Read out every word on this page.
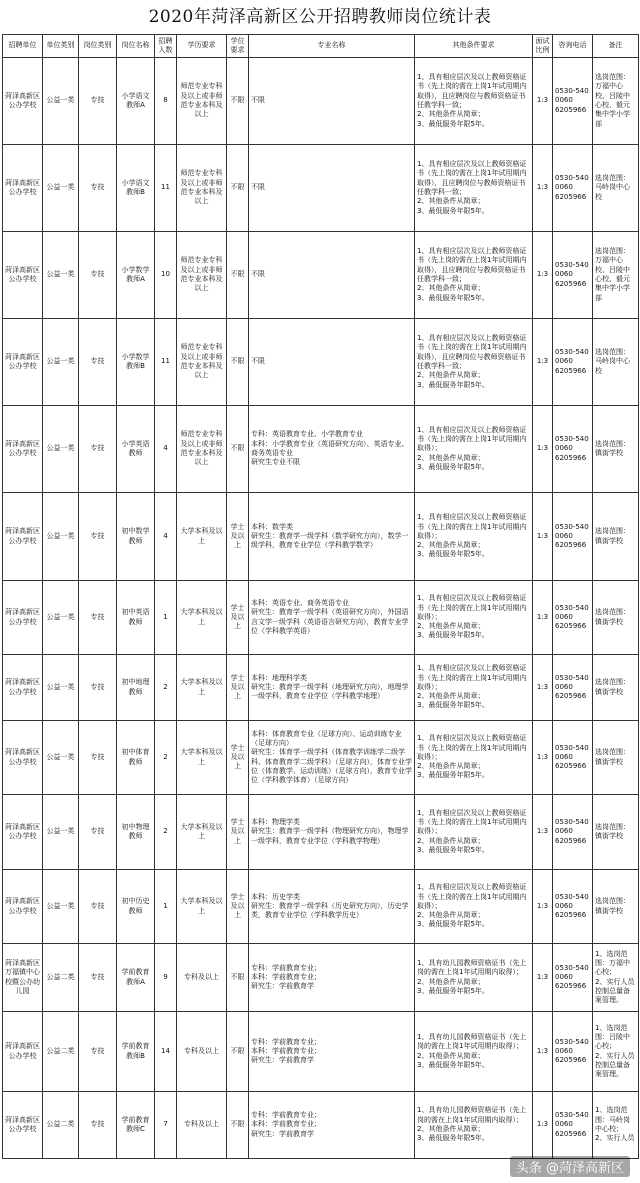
2020年菏泽高新区公开招聘教师岗位统计表
招聘单位	单位类别	岗位类别	岗位名称	招聘人数	学历要求	学位要求	专业名称	其他条件要求	面试比例	咨询电话	备注
菏泽高新区公办学校	公益一类	专技	小学语文教师A	8	师范专业专科及以上或非师范专业本科及以上	不限	不限	1、具有相应层次及以上教师资格证书（先上岗的需在上岗1年试用期内取得），且应聘岗位与教师资格证书任教学科一致；
2、其他条件从简章；
3、最低服务年限5年。	1:3	0530-5400060
6205966	选岗范围：万福中心校、吕陵中心校、毅元集中学小学部
菏泽高新区公办学校	公益一类	专技	小学语文教师B	11	师范专业专科及以上或非师范专业本科及以上	不限	不限	1、具有相应层次及以上教师资格证书（先上岗的需在上岗1年试用期内取得），且应聘岗位与教师资格证书任教学科一致；
2、其他条件从简章；
3、最低服务年限5年。	1:3	0530-5400060
6205966	选岗范围：马岭岗中心校
菏泽高新区公办学校	公益一类	专技	小学数学教师A	10	师范专业专科及以上或非师范专业本科及以上	不限	不限	1、具有相应层次及以上教师资格证书（先上岗的需在上岗1年试用期内取得），且应聘岗位与教师资格证书任教学科一致；
2、其他条件从简章；
3、最低服务年限5年。	1:3	0530-5400060
6205966	选岗范围：万福中心校、吕陵中心校、毅元集中学小学部
菏泽高新区公办学校	公益一类	专技	小学数学教师B	11	师范专业专科及以上或非师范专业本科及以上	不限	不限	1、具有相应层次及以上教师资格证书（先上岗的需在上岗1年试用期内取得），且应聘岗位与教师资格证书任教学科一致；
2、其他条件从简章；
3、最低服务年限5年。	1:3	0530-5400060
6205966	选岗范围：马岭岗中心校
菏泽高新区公办学校	公益一类	专技	小学英语教师	4	师范专业专科及以上或非师范专业本科及以上	不限	专科：英语教育专业、小学教育专业
本科：小学教育专业（英语研究方向）、英语专业、商务英语专业
研究生专业不限	1、具有相应层次及以上教师资格证书（先上岗的需在上岗1年试用期内取得）；
2、其他条件从简章；
3、最低服务年限5年。	1:3	0530-5400060
6205966	选岗范围：镇街学校
菏泽高新区公办学校	公益一类	专技	初中数学教师	4	大学本科及以上	学士及以上	本科：数学类
研究生：教育学一级学科（数学研究方向），数学一级学科，教育专业学位（学科教学数学）	1、具有相应层次及以上教师资格证书（先上岗的需在上岗1年试用期内取得）；
2、其他条件从简章；
3、最低服务年限5年。	1:3	0530-5400060
6205966	选岗范围：镇街学校
菏泽高新区公办学校	公益一类	专技	初中英语教师	1	大学本科及以上	学士及以上	本科：英语专业、商务英语专业
研究生：教育学一级学科（英语研究方向），外国语言文学一级学科（英语语言研究方向），教育专业学位（学科教学英语）	1、具有相应层次及以上教师资格证书（先上岗的需在上岗1年试用期内取得）；
2、其他条件从简章；
3、最低服务年限5年。	1:3	0530-5400060
6205966	选岗范围：镇街学校
菏泽高新区公办学校	公益一类	专技	初中地理教师	2	大学本科及以上	学士及以上	本科：地理科学类
研究生：教育学一级学科（地理研究方向），地理学一级学科，教育专业学位（学科教学地理）	1、具有相应层次及以上教师资格证书（先上岗的需在上岗1年试用期内取得）；
2、其他条件从简章；
3、最低服务年限5年。	1:3	0530-5400060
6205966	选岗范围：镇街学校
菏泽高新区公办学校	公益一类	专技	初中体育教师	2	大学本科及以上	学士及以上	本科：体育教育专业（足球方向）、运动训练专业（足球方向）
研究生：体育学一级学科（体育教学训练学二级学科、体育教育学二级学科）（足球方向），体育专业学位（体育教学、运动训练）（足球方向），教育专业学位（学科教学体育）（足球方向）	1、具有相应层次及以上教师资格证书（先上岗的需在上岗1年试用期内取得）；
2、其他条件从简章；
3、最低服务年限5年。	1:3	0530-5400060
6205966	选岗范围：镇街学校
菏泽高新区公办学校	公益一类	专技	初中物理教师	2	大学本科及以上	学士及以上	本科：物理学类
研究生：教育学一级学科（物理研究方向），物理学一级学科，教育专业学位（学科教学物理）	1、具有相应层次及以上教师资格证书（先上岗的需在上岗1年试用期内取得）；
2、其他条件从简章；
3、最低服务年限5年。	1:3	0530-5400060
6205966	选岗范围：镇街学校
菏泽高新区公办学校	公益一类	专技	初中历史教师	1	大学本科及以上	学士及以上	本科：历史学类
研究生：教育学一级学科（历史研究方向），历史学类，教育专业学位（学科教学历史）	1、具有相应层次及以上教师资格证书（先上岗的需在上岗1年试用期内取得）；
2、其他条件从简章；
3、最低服务年限5年。	1:3	0530-5400060
6205966	选岗范围：镇街学校
菏泽高新区万福镇中心校暨公办幼儿园	公益二类	专技	学前教育教师A	9	专科及以上	不限	专科：学前教育专业；
本科：学前教育专业；
研究生：学前教育学	1、具有幼儿园教师资格证书（先上岗的需在上岗1年试用期内取得）；
2、其他条件从简章；
3、最低服务年限5年。	1:3	0530-5400060
6205966	1、选岗范围：万福中心校；
2、实行人员控制总量备案管理。
菏泽高新区公办学校	公益二类	专技	学前教育教师B	14	专科及以上	不限	专科：学前教育专业；
本科：学前教育专业；
研究生：学前教育学	1、具有幼儿园教师资格证书（先上岗的需在上岗1年试用期内取得）；
2、其他条件从简章；
3、最低服务年限5年。	1:3	0530-5400060
6205966	1、选岗范围：吕陵中心校；
2、实行人员控制总量备案管理。
菏泽高新区公办学校	公益二类	专技	学前教育教师C	7	专科及以上	不限	专科：学前教育专业；
本科：学前教育专业；
研究生：学前教育学	1、具有幼儿园教师资格证书（先上岗的需在上岗1年试用期内取得）；
2、其他条件从简章；
3、最低服务年限5年。	1:3	0530-5400060
6205966	1、选岗范围：马岭岗中心校；
2、实行人员
头条 @菏泽高新区
